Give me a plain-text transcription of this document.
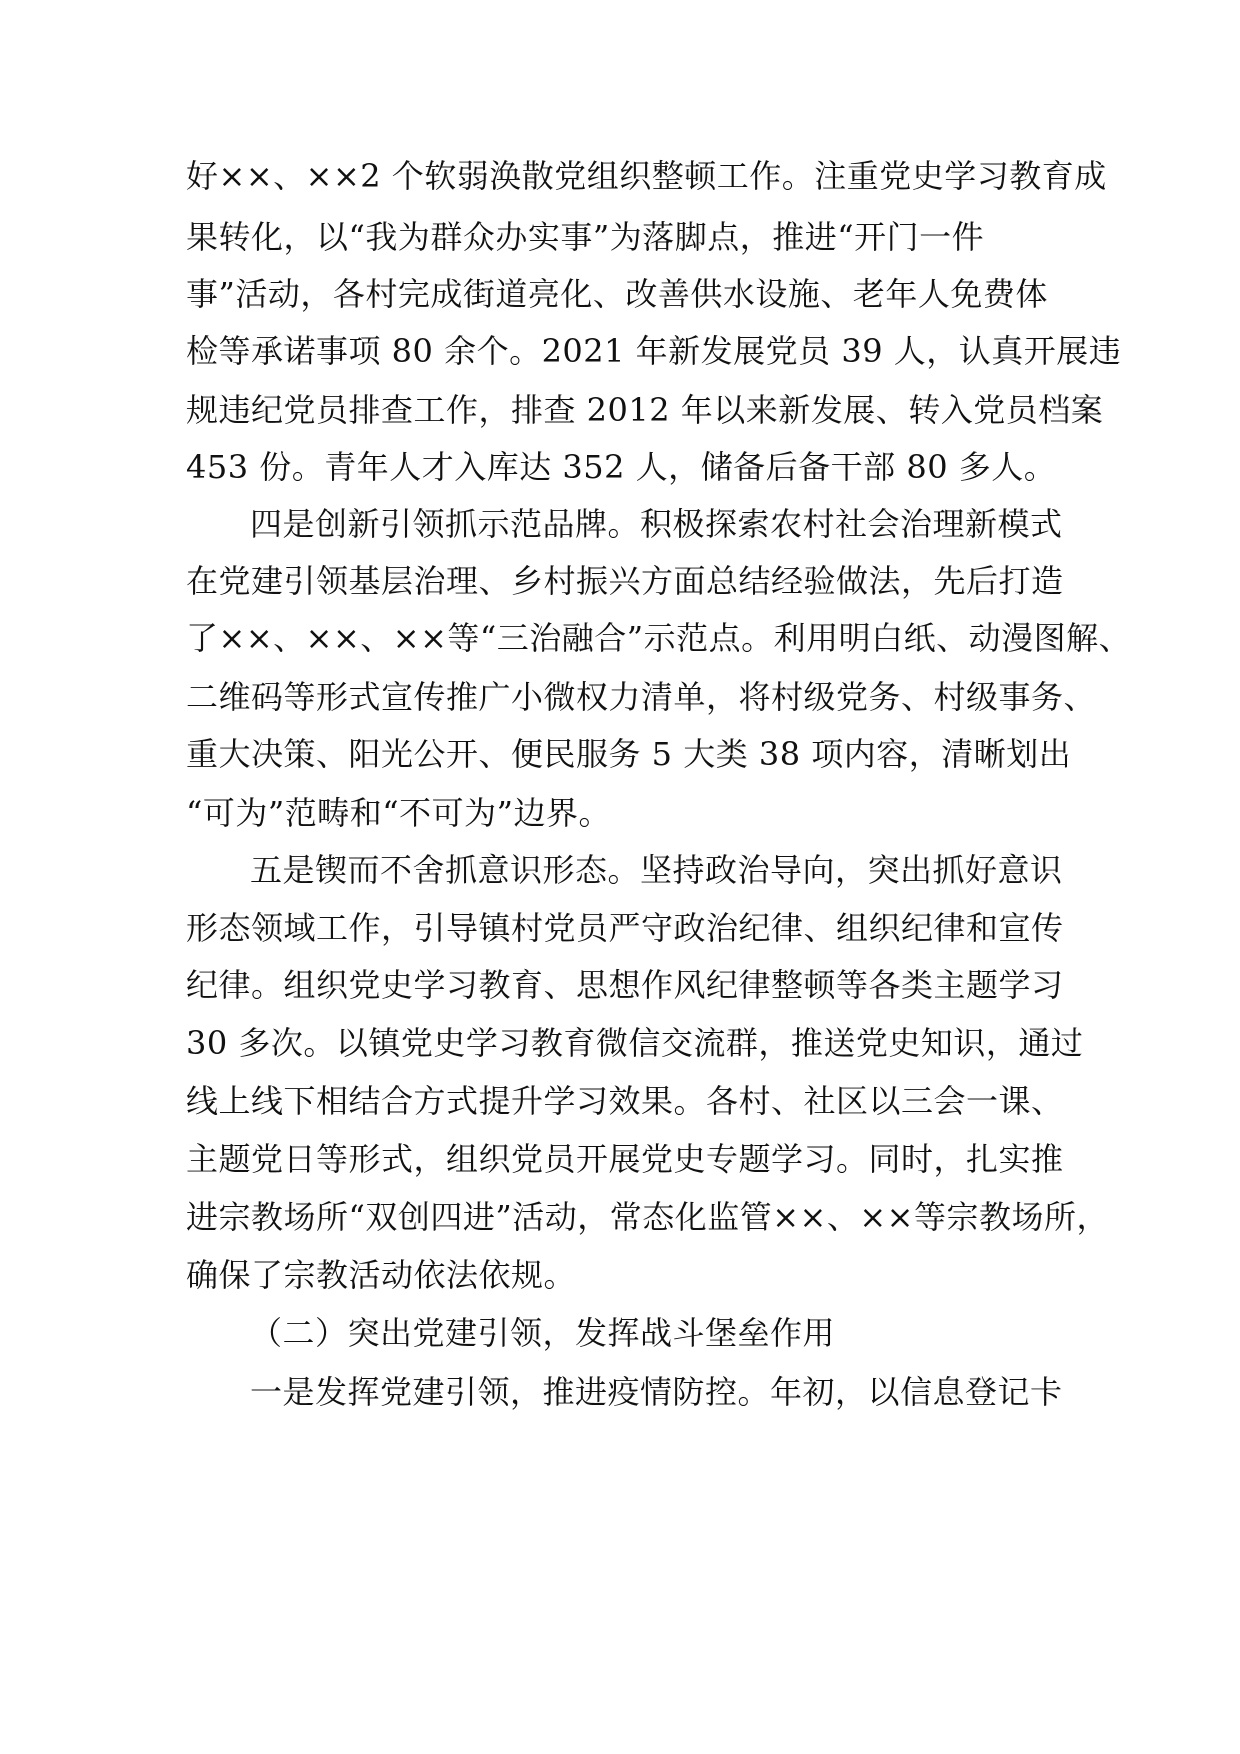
好××、××2 个软弱涣散党组织整顿工作。注重党史学习教育成
果转化，以“我为群众办实事”为落脚点，推进“开门一件
事”活动，各村完成街道亮化、改善供水设施、老年人免费体
检等承诺事项 80 余个。2021 年新发展党员 39 人，认真开展违
规违纪党员排查工作，排查 2012 年以来新发展、转入党员档案
453 份。青年人才入库达 352 人，储备后备干部 80 多人。
四是创新引领抓示范品牌。积极探索农村社会治理新模式
在党建引领基层治理、乡村振兴方面总结经验做法，先后打造
了××、××、××等“三治融合”示范点。利用明白纸、动漫图解、
二维码等形式宣传推广小微权力清单，将村级党务、村级事务、
重大决策、阳光公开、便民服务 5 大类 38 项内容，清晰划出
“可为”范畴和“不可为”边界。
五是锲而不舍抓意识形态。坚持政治导向，突出抓好意识
形态领域工作，引导镇村党员严守政治纪律、组织纪律和宣传
纪律。组织党史学习教育、思想作风纪律整顿等各类主题学习
30 多次。以镇党史学习教育微信交流群，推送党史知识，通过
线上线下相结合方式提升学习效果。各村、社区以三会一课、
主题党日等形式，组织党员开展党史专题学习。同时，扎实推
进宗教场所“双创四进”活动，常态化监管××、××等宗教场所，
确保了宗教活动依法依规。
（二）突出党建引领，发挥战斗堡垒作用
一是发挥党建引领，推进疫情防控。年初，以信息登记卡
